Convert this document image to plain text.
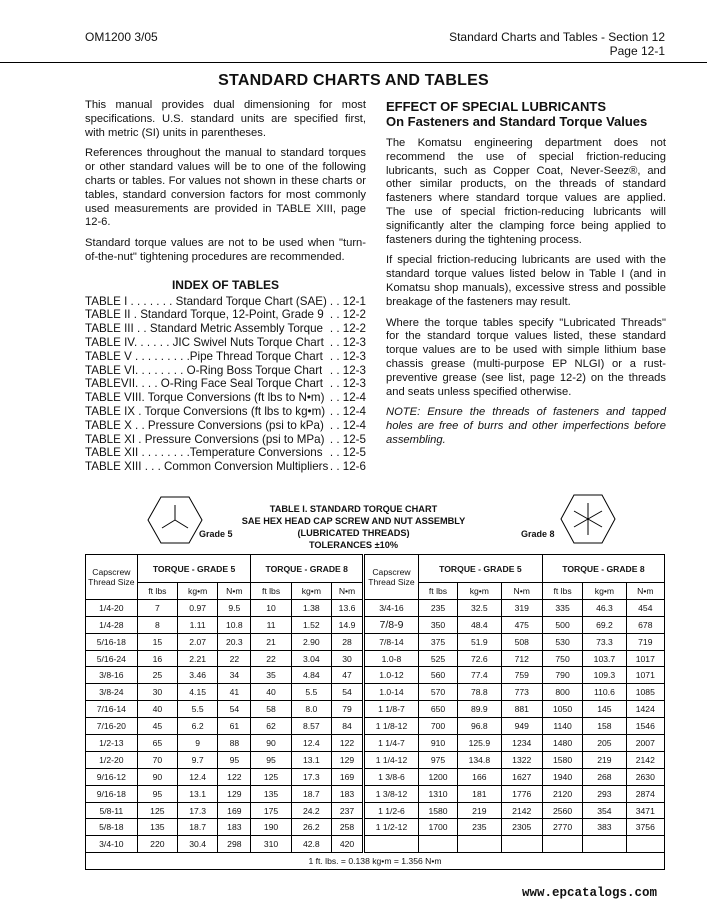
OM1200 3/05	Standard Charts and Tables - Section 12
Page 12-1
STANDARD CHARTS AND TABLES

This manual provides dual dimensioning for most specifications. U.S. standard units are specified first, with metric (SI) units in parentheses.

References throughout the manual to standard torques or other standard values will be to one of the following charts or tables. For values not shown in these charts or tables, standard conversion factors for most commonly used measurements are provided in TABLE XIII, page 12-6.

Standard torque values are not to be used when "turn-of-the-nut" tightening procedures are recommended.

INDEX OF TABLES
TABLE I . . . . . . . Standard Torque Chart (SAE) . . 12-1
TABLE II . Standard Torque, 12-Point, Grade 9 . . 12-2
TABLE III . . Standard Metric Assembly Torque . . 12-2
TABLE IV. . . . . . JIC Swivel Nuts Torque Chart . . 12-3
TABLE V . . . . . . . . .Pipe Thread Torque Chart . . 12-3
TABLE VI. . . . . . . . O-Ring Boss Torque Chart . . 12-3
TABLEVII. . . . O-Ring Face Seal Torque Chart . . 12-3
TABLE VIII. Torque Conversions (ft lbs to N•m) . . 12-4
TABLE IX . Torque Conversions (ft lbs to kg•m) . . 12-4
TABLE X . . Pressure Conversions (psi to kPa) . . 12-4
TABLE XI . Pressure Conversions (psi to MPa) . . 12-5
TABLE XII . . . . . . . .Temperature Conversions . . 12-5
TABLE XIII . . . Common Conversion Multipliers . . 12-6
EFFECT OF SPECIAL LUBRICANTS
On Fasteners and Standard Torque Values

The Komatsu engineering department does not recommend the use of special friction-reducing lubricants, such as Copper Coat, Never-Seez®, and other similar products, on the threads of standard fasteners where standard torque values are applied. The use of special friction-reducing lubricants will significantly alter the clamping force being applied to fasteners during the tightening process.

If special friction-reducing lubricants are used with the standard torque values listed below in Table I (and in Komatsu shop manuals), excessive stress and possible breakage of the fasteners may result.

Where the torque tables specify "Lubricated Threads" for the standard torque values listed, these standard torque values are to be used with simple lithium base chassis grease (multi-purpose EP NLGI) or a rust-preventive grease (see list, page 12-2) on the threads and seats unless specified otherwise.

NOTE: Ensure the threads of fasteners and tapped holes are free of burrs and other imperfections before assembling.

Grade 5	Grade 8
TABLE I. STANDARD TORQUE CHART
SAE HEX HEAD CAP SCREW AND NUT ASSEMBLY
(LUBRICATED THREADS)
TOLERANCES ±10%
Capscrew Thread Size	TORQUE - GRADE 5			TORQUE - GRADE 8			Capscrew Thread Size	TORQUE - GRADE 5			TORQUE - GRADE 8		
	ft lbs	kg•m	N•m	ft lbs	kg•m	N•m		ft lbs	kg•m	N•m	ft lbs	kg•m	N•m
1/4-20	7	0.97	9.5	10	1.38	13.6	3/4-16	235	32.5	319	335	46.3	454
1/4-28	8	1.11	10.8	11	1.52	14.9	7/8-9	350	48.4	475	500	69.2	678
5/16-18	15	2.07	20.3	21	2.90	28	7/8-14	375	51.9	508	530	73.3	719
5/16-24	16	2.21	22	22	3.04	30	1.0-8	525	72.6	712	750	103.7	1017
3/8-16	25	3.46	34	35	4.84	47	1.0-12	560	77.4	759	790	109.3	1071
3/8-24	30	4.15	41	40	5.5	54	1.0-14	570	78.8	773	800	110.6	1085
7/16-14	40	5.5	54	58	8.0	79	1 1/8-7	650	89.9	881	1050	145	1424
7/16-20	45	6.2	61	62	8.57	84	1 1/8-12	700	96.8	949	1140	158	1546
1/2-13	65	9	88	90	12.4	122	1 1/4-7	910	125.9	1234	1480	205	2007
1/2-20	70	9.7	95	95	13.1	129	1 1/4-12	975	134.8	1322	1580	219	2142
9/16-12	90	12.4	122	125	17.3	169	1 3/8-6	1200	166	1627	1940	268	2630
9/16-18	95	13.1	129	135	18.7	183	1 3/8-12	1310	181	1776	2120	293	2874
5/8-11	125	17.3	169	175	24.2	237	1 1/2-6	1580	219	2142	2560	354	3471
5/8-18	135	18.7	183	190	26.2	258	1 1/2-12	1700	235	2305	2770	383	3756
3/4-10	220	30.4	298	310	42.8	420							
1 ft. lbs. = 0.138 kg•m = 1.356 N•m													
www.epcatalogs.com
